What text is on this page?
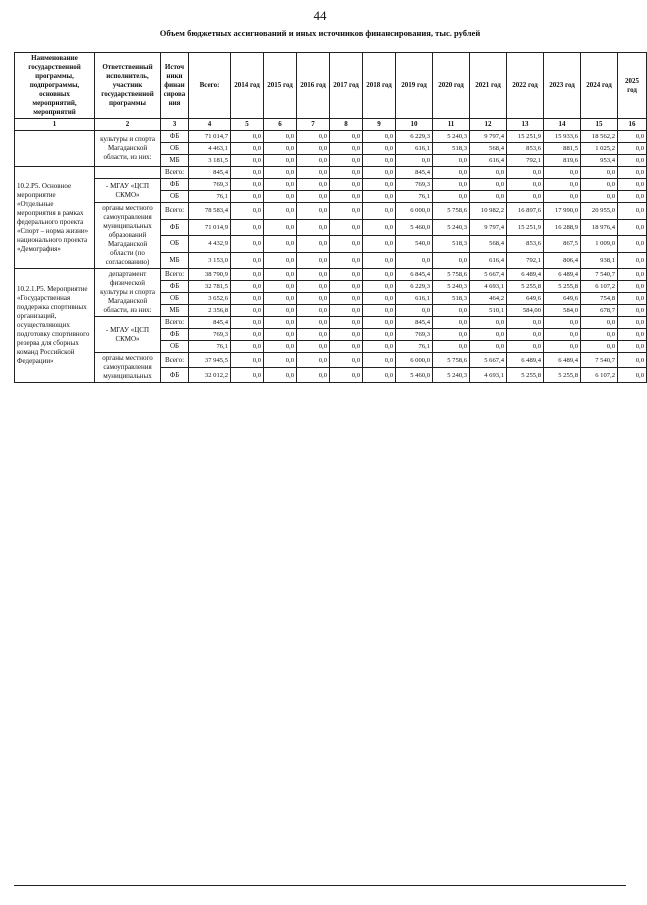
44
Объем бюджетных ассигнований и иных источников финансирования, тыс. рублей
Наименование государственной программы, подпрограммы, основных мероприятий, мероприятий	Ответственный исполнитель, участник государственной программы	Источники финансирования	Всего:	2014 год	2015 год	2016 год	2017 год	2018 год	2019 год	2020 год	2021 год	2022 год	2023 год	2024 год	2025 год
1	2	3	4	5	6	7	8	9	10	11	12	13	14	15	16
	культуры и спорта Магаданской области, из них:	ФБ	71 014,7	0,0	0,0	0,0	0,0	0,0	6 229,3	5 240,3	9 797,4	15 251,9	15 933,6	18 562,2	0,0
		ОБ	4 463,1	0,0	0,0	0,0	0,0	0,0	616,1	518,3	568,4	853,6	881,5	1 025,2	0,0
		МБ	3 181,5	0,0	0,0	0,0	0,0	0,0	0,0	0,0	616,4	792,1	819,6	953,4	0,0
10.2.Р5. Основное мероприятие «Отдельные мероприятия в рамках федерального проекта «Спорт – норма жизни» национального проекта «Демография»		Всего:	845,4	0,0	0,0	0,0	0,0	0,0	845,4	0,0	0,0	0,0	0,0	0,0	0,0
	- МГАУ «ЦСП СКМО»	ФБ	769,3	0,0	0,0	0,0	0,0	0,0	769,3	0,0	0,0	0,0	0,0	0,0	0,0
		ОБ	76,1	0,0	0,0	0,0	0,0	0,0	76,1	0,0	0,0	0,0	0,0	0,0	0,0
	органы местного самоуправления муниципальных образований Магаданской области (по согласованию)	Всего:	78 583,4	0,0	0,0	0,0	0,0	0,0	6 000,0	5 758,6	10 982,2	16 897,6	17 990,0	20 955,0	0,0
		ФБ	71 014,9	0,0	0,0	0,0	0,0	0,0	5 460,0	5 240,3	9 797,4	15 251,9	16 288,9	18 976,4	0,0
		ОБ	4 432,9	0,0	0,0	0,0	0,0	0,0	540,0	518,3	568,4	853,6	867,5	1 009,0	0,0
		МБ	3 153,0	0,0	0,0	0,0	0,0	0,0	0,0	0,0	616,4	792,1	806,4	938,1	0,0
10.2.1.Р5. Мероприятие «Государственная поддержка спортивных организаций, осуществляющих подготовку спортивного резерва для сборных команд Российской Федерации»	департамент физической культуры и спорта Магаданской области, из них:	Всего:	38 790,9	0,0	0,0	0,0	0,0	0,0	6 845,4	5 758,6	5 667,4	6 489,4	6 489,4	7 540,7	0,0
		ФБ	32 781,5	0,0	0,0	0,0	0,0	0,0	6 229,3	5 240,3	4 693,1	5 255,8	5 255,8	6 107,2	0,0
		ОБ	3 652,6	0,0	0,0	0,0	0,0	0,0	616,1	518,3	464,2	649,6	649,6	754,8	0,0
		МБ	2 356,8	0,0	0,0	0,0	0,0	0,0	0,0	0,0	510,1	584,00	584,0	678,7	0,0
	- МГАУ «ЦСП СКМО»	Всего:	845,4	0,0	0,0	0,0	0,0	0,0	845,4	0,0	0,0	0,0	0,0	0,0	0,0
		ФБ	769,3	0,0	0,0	0,0	0,0	0,0	769,3	0,0	0,0	0,0	0,0	0,0	0,0
		ОБ	76,1	0,0	0,0	0,0	0,0	0,0	76,1	0,0	0,0	0,0	0,0	0,0	0,0
	органы местного самоуправления муниципальных	Всего:	37 945,5	0,0	0,0	0,0	0,0	0,0	6 000,0	5 758,6	5 667,4	6 489,4	6 489,4	7 540,7	0,0
		ФБ	32 012,2	0,0	0,0	0,0	0,0	0,0	5 460,0	5 240,3	4 693,1	5 255,8	5 255,8	6 107,2	0,0
